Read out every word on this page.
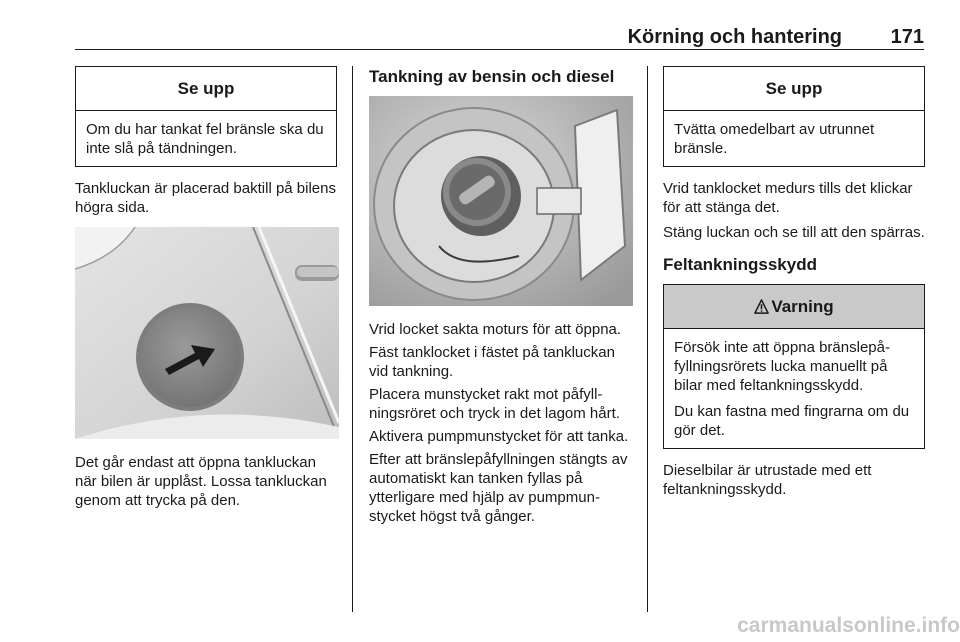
Körning och hantering 171
Se upp

Om du har tankat fel bränsle ska du inte slå på tändningen.

Tankluckan är placerad baktill på bilens högra sida.

Det går endast att öppna tankluckan när bilen är upplåst. Lossa tankluckan genom att trycka på den.

Tankning av bensin och diesel

Vrid locket sakta moturs för att öppna.

Fäst tanklocket i fästet på tankluckan vid tankning.

Placera munstycket rakt mot påfyll-ningsröret och tryck in det lagom hårt.

Aktivera pumpmunstycket för att tanka.

Efter att bränslepåfyllningen stängts av automatiskt kan tanken fyllas på ytterligare med hjälp av pumpmun-stycket högst två gånger.

Se upp

Tvätta omedelbart av utrunnet bränsle.

Vrid tanklocket medurs tills det klickar för att stänga det.

Stäng luckan och se till att den spärras.

Feltankningsskydd
Varning

Försök inte att öppna bränslepå-fyllningsrörets lucka manuellt på bilar med feltankningsskydd.

Du kan fastna med fingrarna om du gör det.

Dieselbilar är utrustade med ett feltankningsskydd.

carmanualsonline.info
